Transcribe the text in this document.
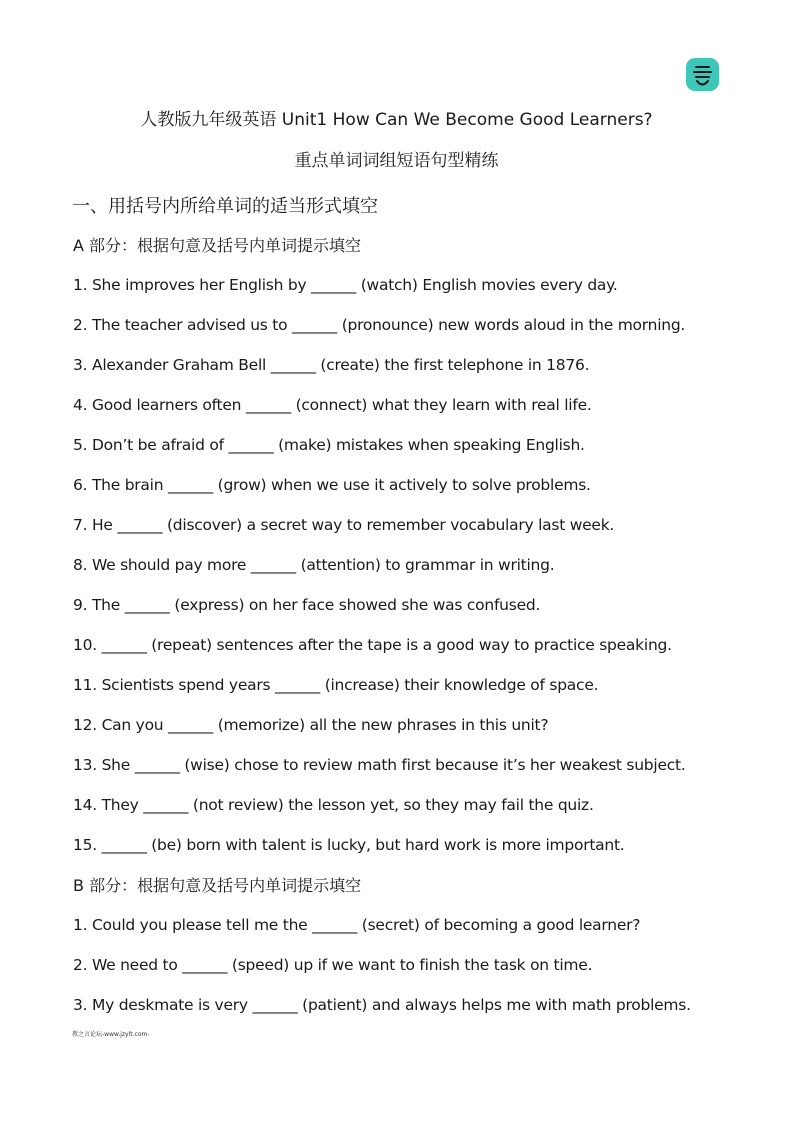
人教版九年级英语 Unit1 How Can We Become Good Learners?
重点单词词组短语句型精练
一、用括号内所给单词的适当形式填空
A 部分：根据句意及括号内单词提示填空
1. She improves her English by ______ (watch) English movies every day.
2. The teacher advised us to ______ (pronounce) new words aloud in the morning.
3. Alexander Graham Bell ______ (create) the first telephone in 1876.
4. Good learners often ______ (connect) what they learn with real life.
5. Don’t be afraid of ______ (make) mistakes when speaking English.
6. The brain ______ (grow) when we use it actively to solve problems.
7. He ______ (discover) a secret way to remember vocabulary last week.
8. We should pay more ______ (attention) to grammar in writing.
9. The ______ (express) on her face showed she was confused.
10. ______ (repeat) sentences after the tape is a good way to practice speaking.
11. Scientists spend years ______ (increase) their knowledge of space.
12. Can you ______ (memorize) all the new phrases in this unit?
13. She ______ (wise) chose to review math first because it’s her weakest subject.
14. They ______ (not review) the lesson yet, so they may fail the quiz.
15. ______ (be) born with talent is lucky, but hard work is more important.
B 部分：根据句意及括号内单词提示填空
1. Could you please tell me the ______ (secret) of becoming a good learner?
2. We need to ______ (speed) up if we want to finish the task on time.
3. My deskmate is very ______ (patient) and always helps me with math problems.
教之言论坛-www.jzylt.com-
